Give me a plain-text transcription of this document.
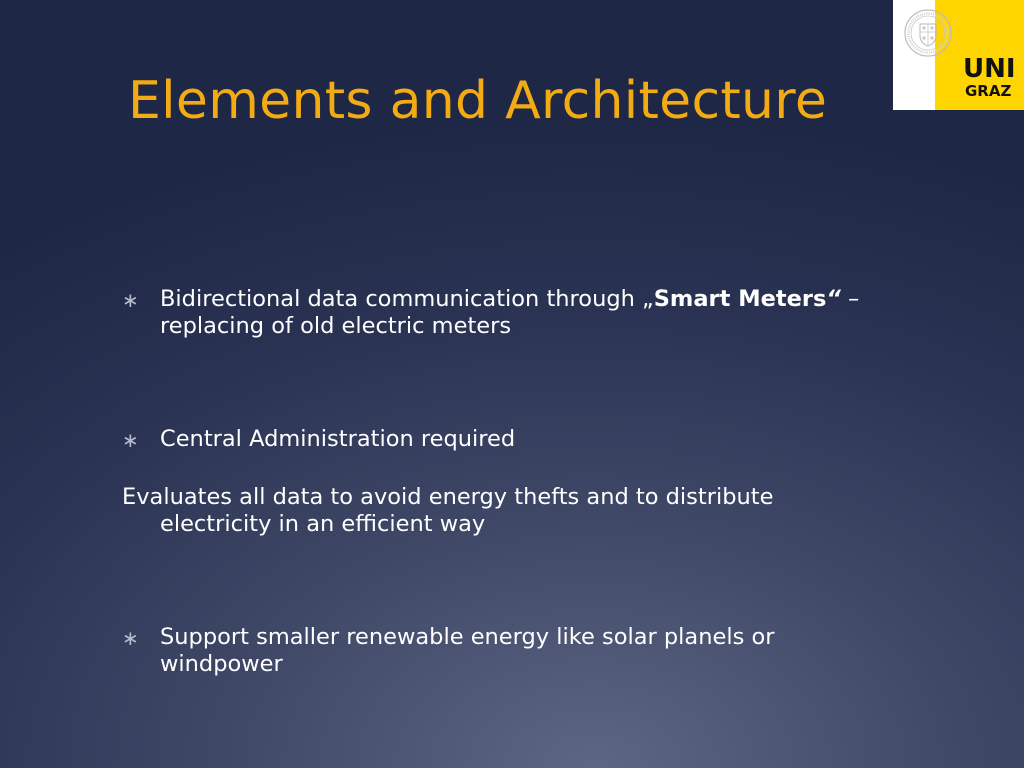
Elements and Architecture
UNI
GRAZ
∗ Bidirectional data communication through „Smart Meters“ – replacing of old electric meters
∗ Central Administration required
Evaluates all data to avoid energy thefts and to distribute electricity in an efficient way
∗ Support smaller renewable energy like solar planels or windpower
